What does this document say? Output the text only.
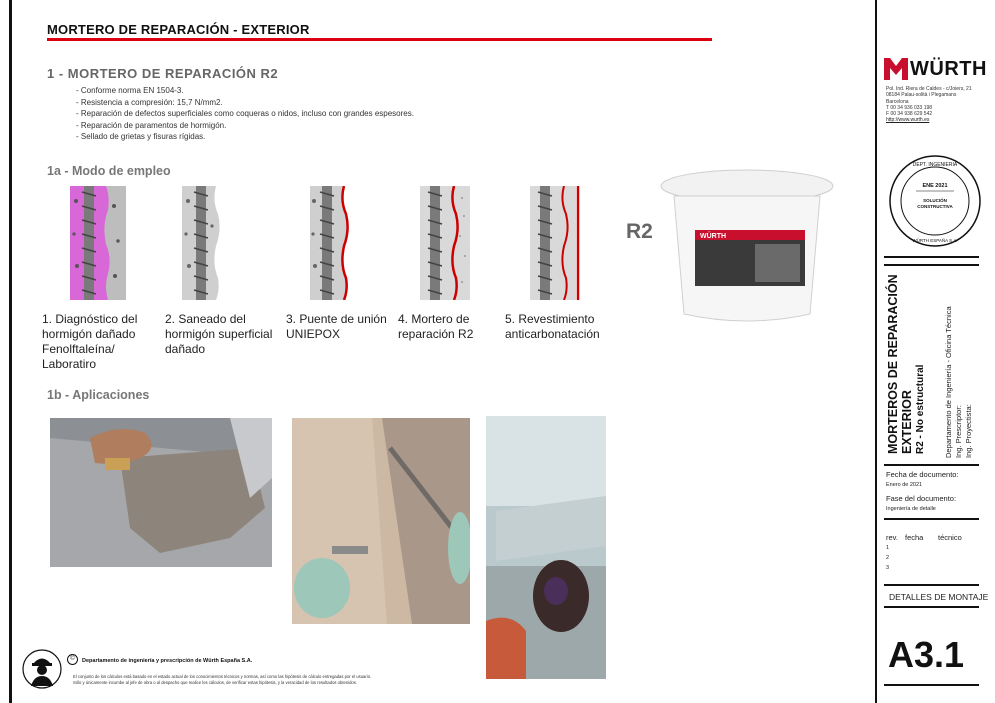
MORTERO DE REPARACIÓN - EXTERIOR
1 - MORTERO DE REPARACIÓN R2
- Conforme norma EN 1504-3.
- Resistencia a compresión: 15,7 N/mm2.
- Reparación de defectos superficiales como coqueras o nidos, incluso con grandes espesores.
- Reparación de paramentos de hormigón.
- Sellado de grietas y fisuras rígidas.
1a - Modo de empleo
1. Diagnóstico del
hormigón dañado
Fenolftaleína/
Laboratiro
2. Saneado del
hormigón superficial
dañado
3. Puente de unión
UNIEPOX
4. Mortero de
reparación R2
5. Revestimiento
anticarbonatación
R2	WÜRTH
1b - Aplicaciones
WÜRTH
Pol. Ind. Riera de Caldes - c/Joiers, 21
08184 Palau-solità i Plegamans
Barcelona
T 00 34 936 033 198
F 00 34 938 629 542
http://www.wurth.es
DEPT. INGENIERIA
ENE 2021
SOLUCIÓN
CONSTRUCTIVA
WÜRTH ESPAÑA S.A.
MORTEROS DE REPARACIÓN EXTERIOR R2 - No estructural Departamento de Ingeniería - Oficina Técnica Ing. Prescriptor: Ing. Proyectista:
Fecha de documento:
Enero de 2021
Fase del documento:
Ingeniería de detalle
rev. fecha técnico
1
2
3
DETALLES DE MONTAJE
A3.1
©	Departamento de ingeniería y prescripción de Würth España S.A.
El conjunto de los cálculos está basado en el estado actual de los conocimientos técnicos y normas, así como las hipótesis de cálculo entregadas por el usuario.
Sólo y únicamente incumbe al jefe de obra o al despacho que realice los cálculos, de verificar estas hipótesis, y la veracidad de los resultados obtenidos.
